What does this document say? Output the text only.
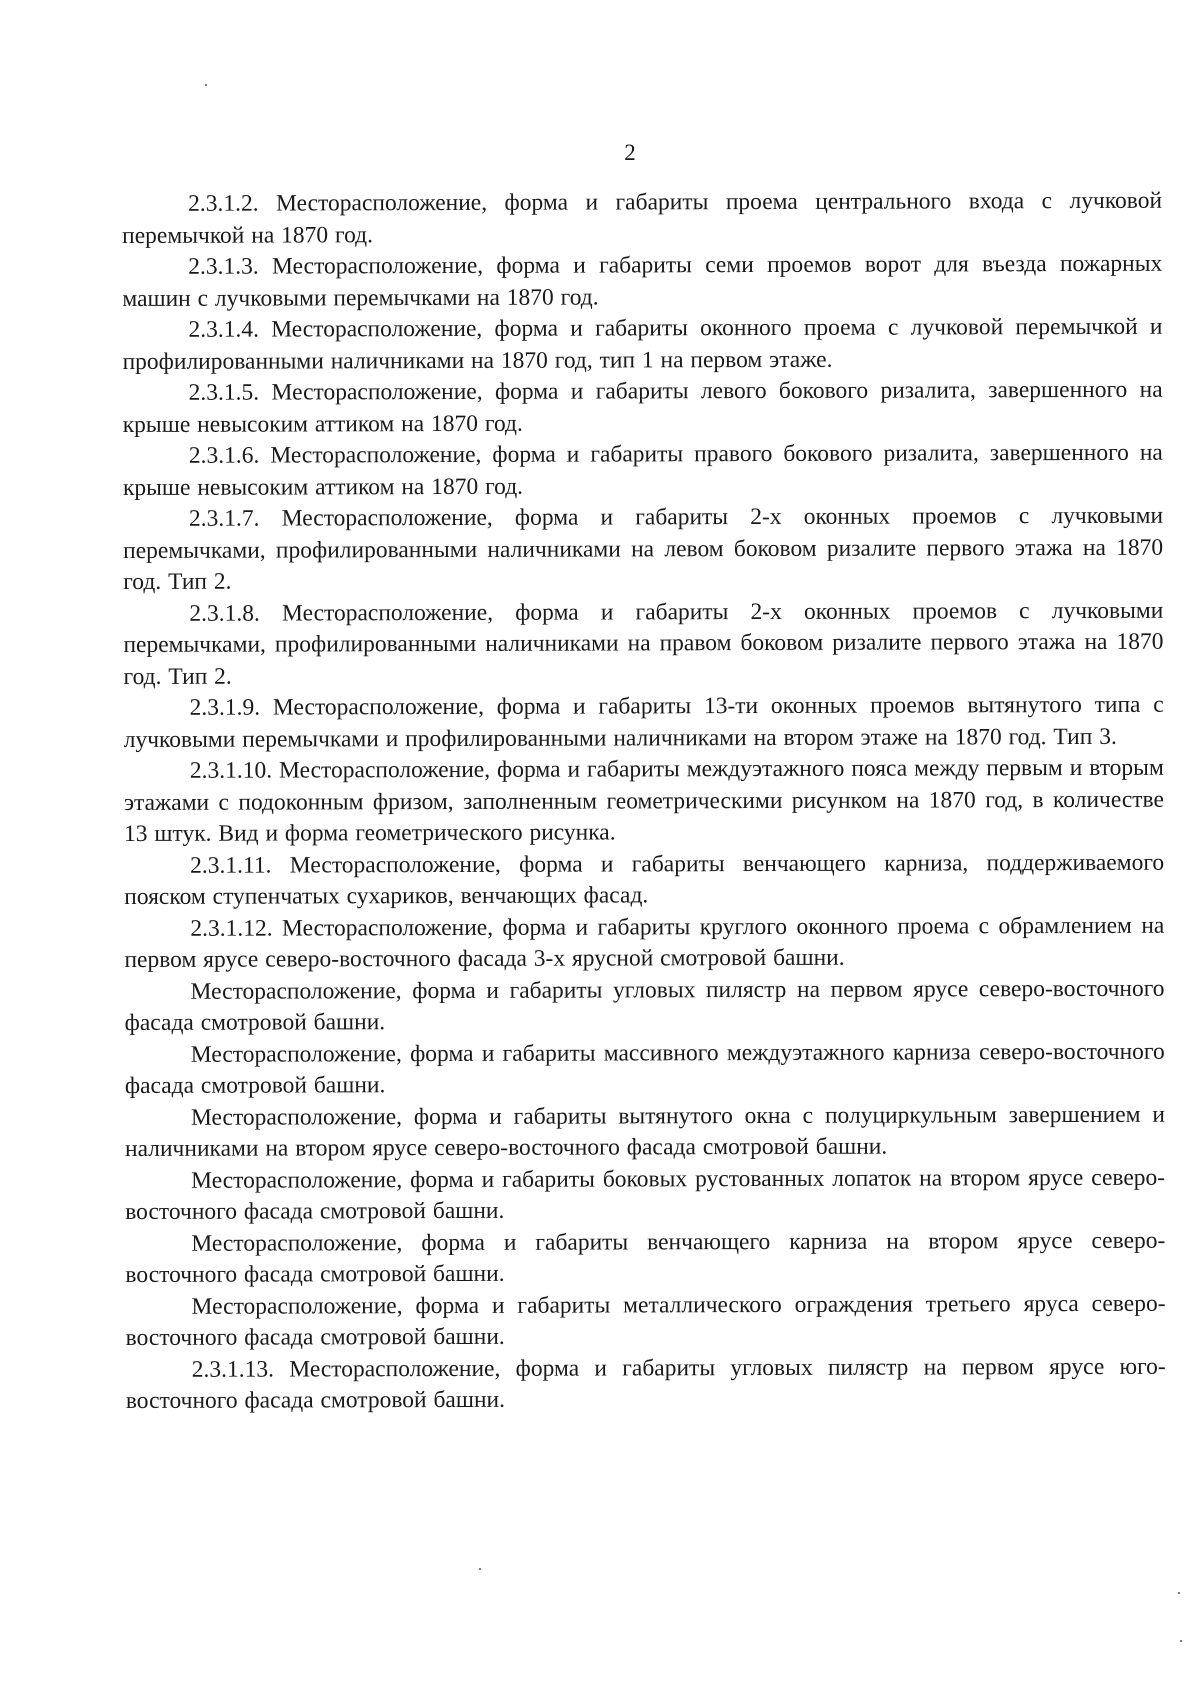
2

2.3.1.2. Месторасположение, форма и габариты проема центрального входа с лучковой перемычкой на 1870 год.

2.3.1.3. Месторасположение, форма и габариты семи проемов ворот для въезда пожарных машин с лучковыми перемычками на 1870 год.

2.3.1.4. Месторасположение, форма и габариты оконного проема с лучковой перемычкой и профилированными наличниками на 1870 год, тип 1 на первом этаже.

2.3.1.5. Месторасположение, форма и габариты левого бокового ризалита, завершенного на крыше невысоким аттиком на 1870 год.

2.3.1.6. Месторасположение, форма и габариты правого бокового ризалита, завершенного на крыше невысоким аттиком на 1870 год.

2.3.1.7. Месторасположение, форма и габариты 2-х оконных проемов с лучковыми перемычками, профилированными наличниками на левом боковом ризалите первого этажа на 1870 год. Тип 2.

2.3.1.8. Месторасположение, форма и габариты 2-х оконных проемов с лучковыми перемычками, профилированными наличниками на правом боковом ризалите первого этажа на 1870 год. Тип 2.

2.3.1.9. Месторасположение, форма и габариты 13-ти оконных проемов вытянутого типа с лучковыми перемычками и профилированными наличниками на втором этаже на 1870 год. Тип 3.

2.3.1.10. Месторасположение, форма и габариты междуэтажного пояса между первым и вторым этажами с подоконным фризом, заполненным геометрическими рисунком на 1870 год, в количестве 13 штук. Вид и форма геометрического рисунка.

2.3.1.11. Месторасположение, форма и габариты венчающего карниза, поддерживаемого пояском ступенчатых сухариков, венчающих фасад.

2.3.1.12. Месторасположение, форма и габариты круглого оконного проема с обрамлением на первом ярусе северо-восточного фасада 3-х ярусной смотровой башни.

Месторасположение, форма и габариты угловых пилястр на первом ярусе северо-восточного фасада смотровой башни.

Месторасположение, форма и габариты массивного междуэтажного карниза северо-восточного фасада смотровой башни.

Месторасположение, форма и габариты вытянутого окна с полуциркульным завершением и наличниками на втором ярусе северо-восточного фасада смотровой башни.

Месторасположение, форма и габариты боковых рустованных лопаток на втором ярусе северо-восточного фасада смотровой башни.

Месторасположение, форма и габариты венчающего карниза на втором ярусе северо-восточного фасада смотровой башни.

Месторасположение, форма и габариты металлического ограждения третьего яруса северо-восточного фасада смотровой башни.

2.3.1.13. Месторасположение, форма и габариты угловых пилястр на первом ярусе юго-восточного фасада смотровой башни.
